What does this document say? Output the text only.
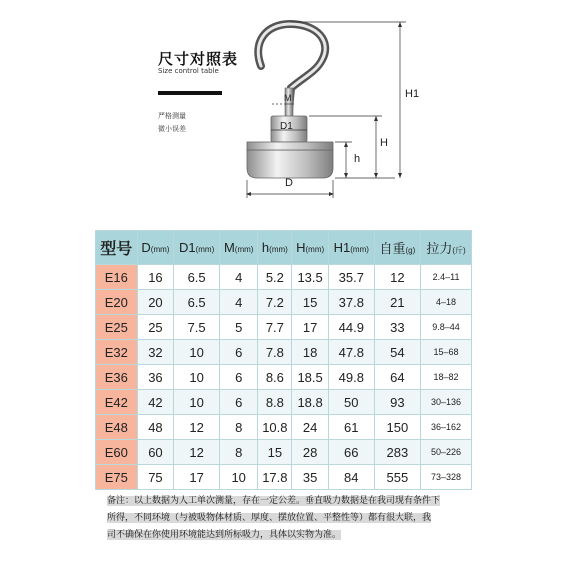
尺寸对照表
Size control table
严格测量
微小误差
M
D1
h
D
H
H1
型号	D(mm)	D1(mm)	M(mm)	h(mm)	H(mm)	H1(mm)	自重(g)	拉力(斤)
E16	16	6.5	4	5.2	13.5	35.7	12	2.4–11
E20	20	6.5	4	7.2	15	37.8	21	4–18
E25	25	7.5	5	7.7	17	44.9	33	9.8–44
E32	32	10	6	7.8	18	47.8	54	15–68
E36	36	10	6	8.6	18.5	49.8	64	18–82
E42	42	10	6	8.8	18.8	50	93	30–136
E48	48	12	8	10.8	24	61	150	36–162
E60	60	12	8	15	28	66	283	50–226
E75	75	17	10	17.8	35	84	555	73–328
备注：以上数据为人工单次测量，存在一定公差。垂直吸力数据是在我司现有条件下
所得，不同环境（与被吸物体材质、厚度、摆放位置、平整性等）都有很大联，我
司不确保在你使用环境能达到所标吸力，具体以实物为准。
